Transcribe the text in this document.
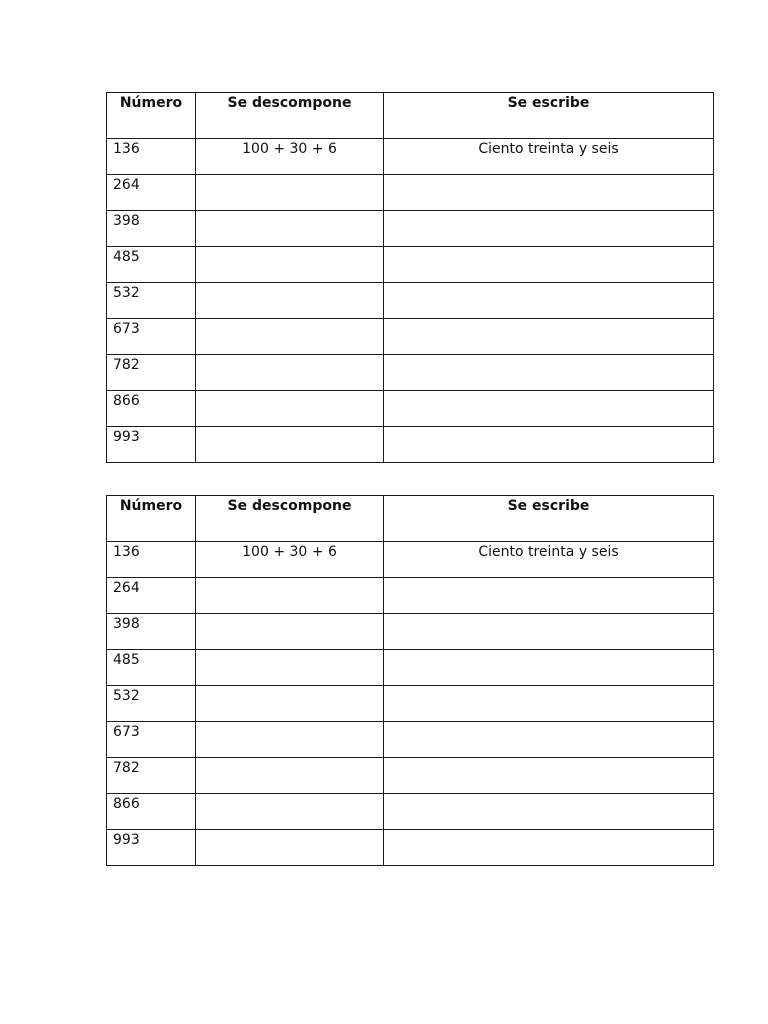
Número	Se descompone	Se escribe
136	100 + 30 + 6	Ciento treinta y seis
264		
398		
485		
532		
673		
782		
866		
993		
Número	Se descompone	Se escribe
136	100 + 30 + 6	Ciento treinta y seis
264		
398		
485		
532		
673		
782		
866		
993		
